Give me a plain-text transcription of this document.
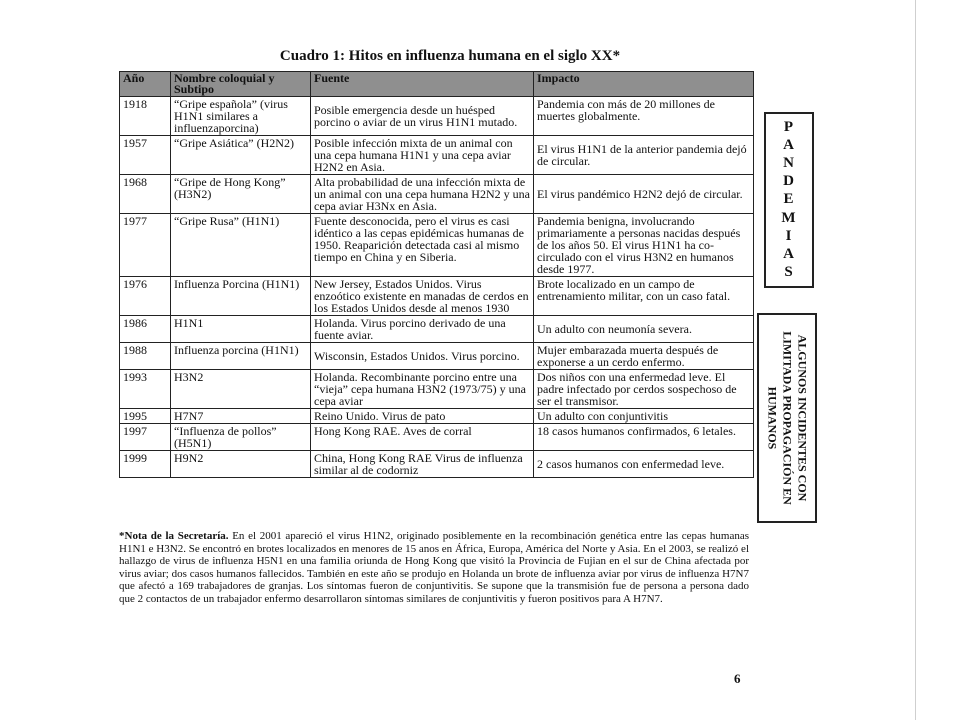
Cuadro 1: Hitos en influenza humana en el siglo XX*
Año	Nombre coloquial y Subtipo	Fuente	Impacto
1918	“Gripe española” (virus H1N1 similares a influenzaporcina)	Posible emergencia desde un huésped porcino o aviar de un virus H1N1 mutado.	Pandemia con más de 20 millones de muertes globalmente.
1957	“Gripe Asiática” (H2N2)	Posible infección mixta de un animal con una cepa humana H1N1 y una cepa aviar H2N2 en Asia.	El virus H1N1 de la anterior pandemia dejó de circular.
1968	“Gripe de Hong Kong” (H3N2)	Alta probabilidad de una infección mixta de un animal con una cepa humana H2N2 y una cepa aviar H3Nx en Asia.	El virus pandémico H2N2 dejó de circular.
1977	“Gripe Rusa” (H1N1)	Fuente desconocida, pero el virus es casi idéntico a las cepas epidémicas humanas de 1950. Reaparición detectada casi al mismo tiempo en China y en Siberia.	Pandemia benigna, involucrando primariamente a personas nacidas después de los años 50. El virus H1N1 ha co- circulado con el virus H3N2 en humanos desde 1977.
1976	Influenza Porcina (H1N1)	New Jersey, Estados Unidos. Virus enzoótico existente en manadas de cerdos en los Estados Unidos desde al menos 1930	Brote localizado en un campo de entrenamiento militar, con un caso fatal.
1986	H1N1	Holanda. Virus porcino derivado de una fuente aviar.	Un adulto con neumonía severa.
1988	Influenza porcina (H1N1)	Wisconsin, Estados Unidos. Virus porcino.	Mujer embarazada muerta después de exponerse a un cerdo enfermo.
1993	H3N2	Holanda. Recombinante porcino entre una “vieja” cepa humana H3N2 (1973/75) y una cepa aviar	Dos niños con una enfermedad leve. El padre infectado por cerdos sospechoso de ser el transmisor.
1995	H7N7	Reino Unido. Virus de pato	Un adulto con conjuntivitis
1997	“Influenza de pollos” (H5N1)	Hong Kong RAE. Aves de corral	18 casos humanos confirmados, 6 letales.
1999	H9N2	China, Hong Kong RAE Virus de influenza similar al de codorniz	2 casos humanos con enfermedad leve.
P
A
N
D
E
M
I
A
S
ALGUNOS INCIDENTES CON LIMITADA PROPAGACIÓN EN HUMANOS
*Nota de la Secretaría. En el 2001 apareció el virus H1N2, originado posiblemente en la recombinación genética entre las cepas humanas H1N1 e H3N2. Se encontró en brotes localizados en menores de 15 anos en África, Europa, América del Norte y Asia. En el 2003, se realizó el hallazgo de virus de influenza H5N1 en una familia oriunda de Hong Kong que visitó la Provincia de Fujian en el sur de China afectada por virus aviar; dos casos humanos fallecidos. También en este año se produjo en Holanda un brote de influenza aviar por virus de influenza H7N7 que afectó a 169 trabajadores de granjas. Los síntomas fueron de conjuntivitis. Se supone que la transmisión fue de persona a persona dado que 2 contactos de un trabajador enfermo desarrollaron síntomas similares de conjuntivitis y fueron positivos para A H7N7.
6
